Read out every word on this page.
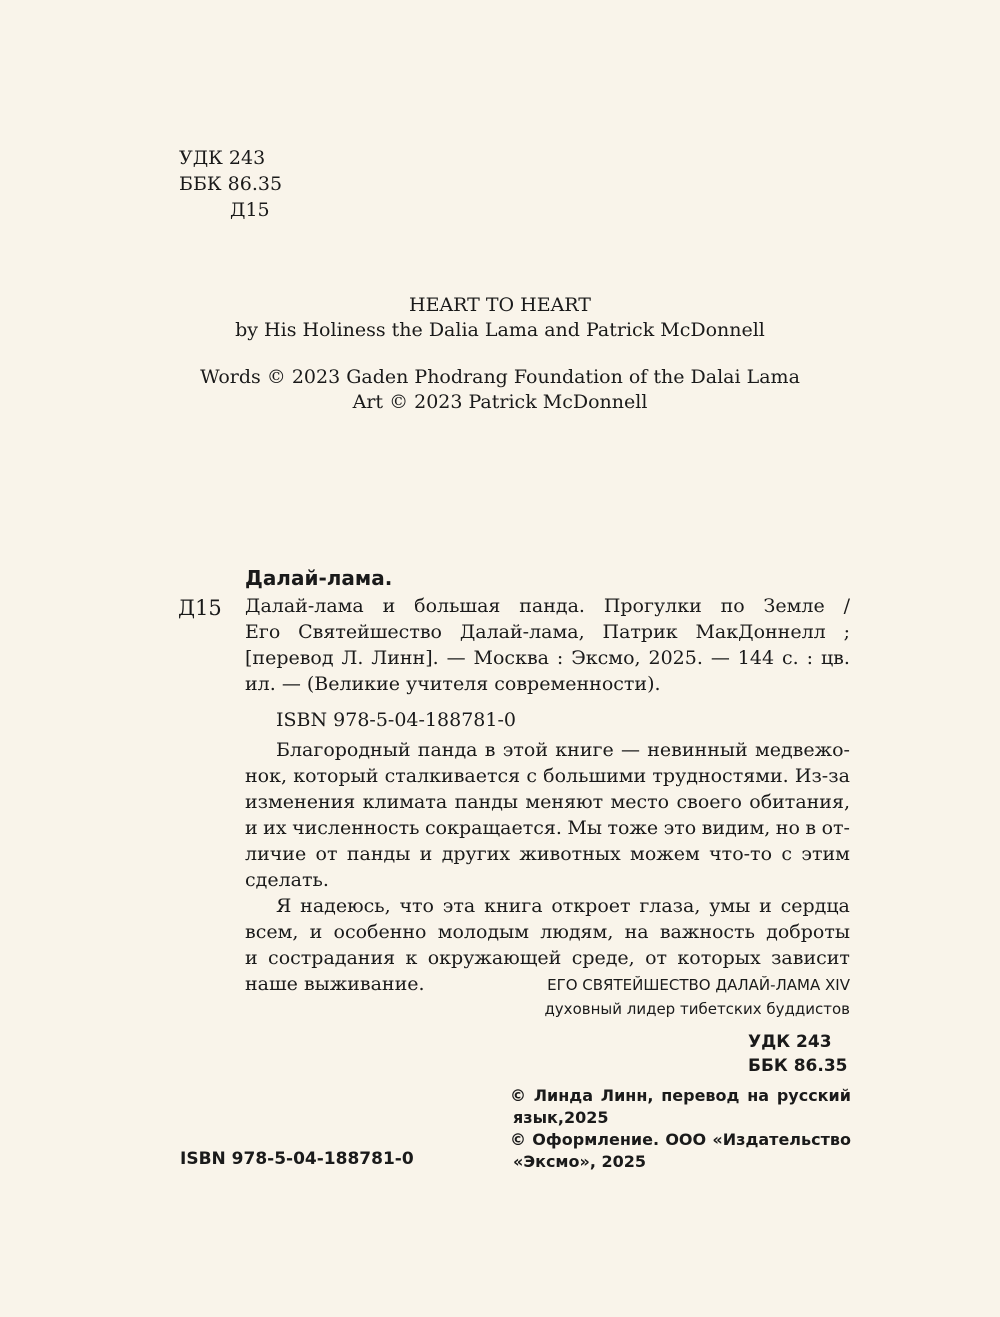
УДК 243
ББК 86.35
Д15
HEART TO HEART
by His Holiness the Dalia Lama and Patrick McDonnell
Words © 2023 Gaden Phodrang Foundation of the Dalai Lama
Art © 2023 Patrick McDonnell
Далай-лама.
Д15 Далай-лама и большая панда. Прогулки по Земле /
Его Святейшество Далай-лама, Патрик МакДоннелл ;
[перевод Л. Линн]. — Москва : Эксмо, 2025. — 144 с. : цв.
ил. — (Великие учителя современности).
ISBN 978-5-04-188781-0
Благородный панда в этой книге — невинный медвежо-
нок, который сталкивается с большими трудностями. Из-за
изменения климата панды меняют место своего обитания,
и их численность сокращается. Мы тоже это видим, но в от-
личие от панды и других животных можем что-то с этим
сделать.
Я надеюсь, что эта книга откроет глаза, умы и сердца
всем, и особенно молодым людям, на важность доброты
и сострадания к окружающей среде, от которых зависит
наше выживание.	ЕГО СВЯТЕЙШЕСТВО ДАЛАЙ-ЛАМА XIV
духовный лидер тибетских буддистов
УДК 243
ББК 86.35
© Линда Линн, перевод на русский
язык,2025
© Оформление. ООО «Издательство
«Эксмо», 2025
ISBN 978-5-04-188781-0
